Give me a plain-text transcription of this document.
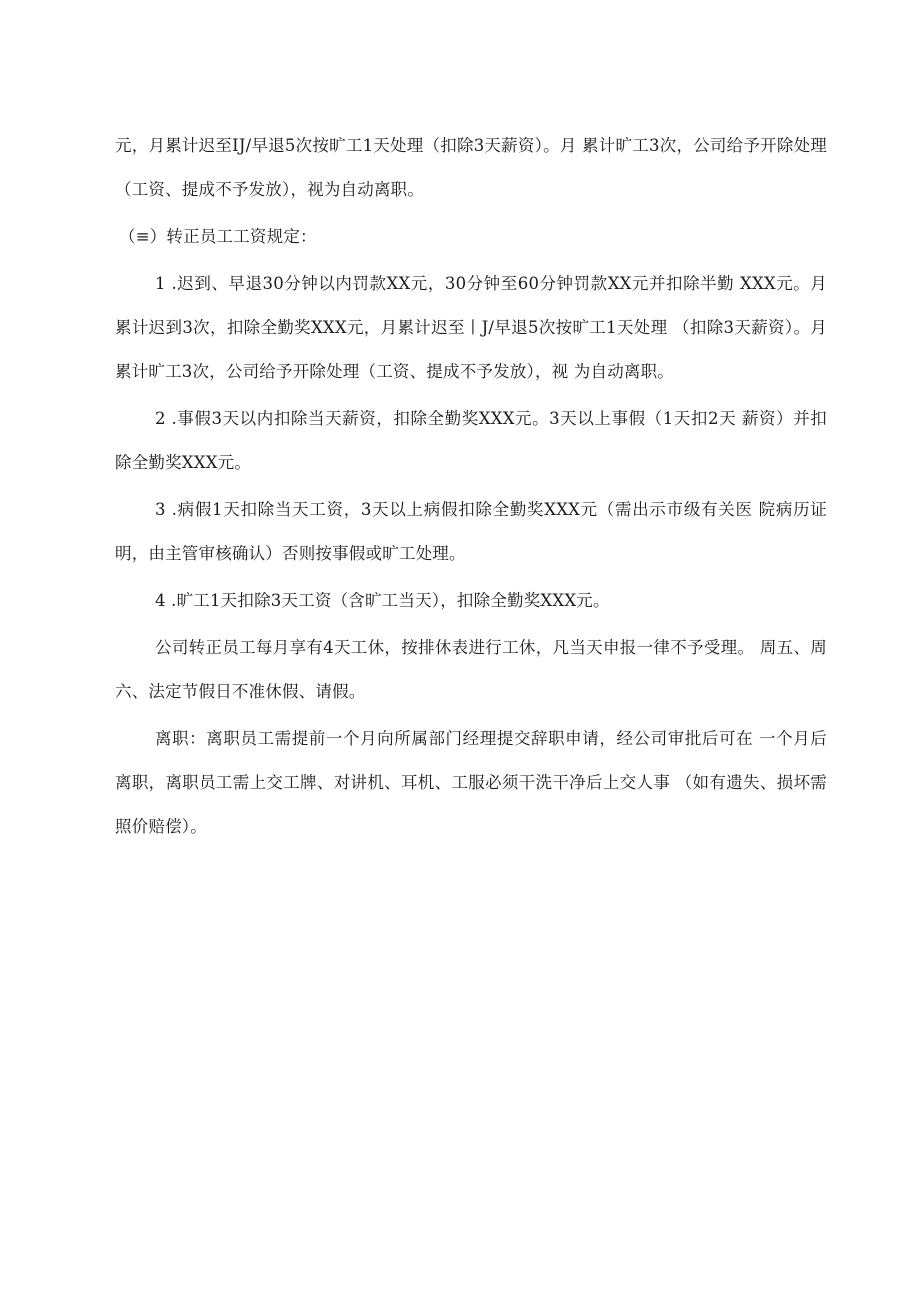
元，月累计迟至IJ/早退5次按旷工1天处理（扣除3天薪资）。月 累计旷工3次，公司给予开除处理（工资、提成不予发放），视为自动离职。

（≡）转正员工工资规定：

1 .迟到、早退30分钟以内罚款XX元，30分钟至60分钟罚款XX元并扣除半勤 XXX元。月累计迟到3次，扣除全勤奖XXX元，月累计迟至丨J/早退5次按旷工1天处理 （扣除3天薪资）。月累计旷工3次，公司给予开除处理（工资、提成不予发放），视 为自动离职。

2 .事假3天以内扣除当天薪资，扣除全勤奖XXX元。3天以上事假（1天扣2天 薪资）并扣除全勤奖XXX元。

3 .病假1天扣除当天工资，3天以上病假扣除全勤奖XXX元（需出示市级有关医 院病历证明，由主管审核确认）否则按事假或旷工处理。

4 .旷工1天扣除3天工资（含旷工当天），扣除全勤奖XXX元。

公司转正员工每月享有4天工休，按排休表进行工休，凡当天申报一律不予受理。 周五、周六、法定节假日不准休假、请假。

离职：离职员工需提前一个月向所属部门经理提交辞职申请，经公司审批后可在 一个月后离职，离职员工需上交工牌、对讲机、耳机、工服必须干洗干净后上交人事 （如有遗失、损坏需照价赔偿）。
